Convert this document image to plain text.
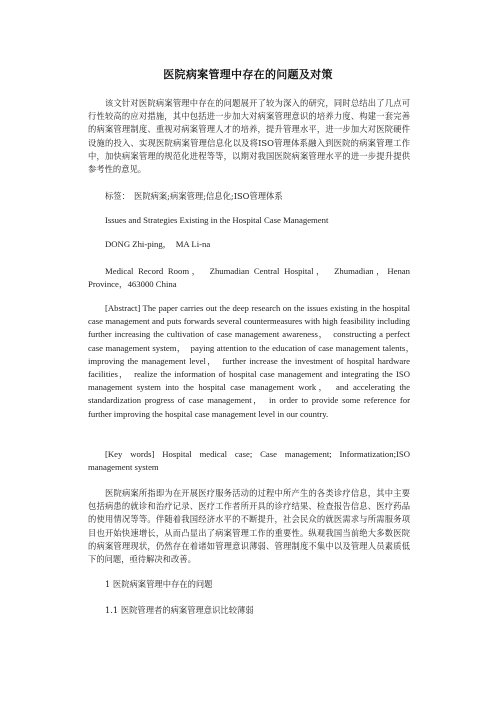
医院病案管理中存在的问题及对策

该文针对医院病案管理中存在的问题展开了较为深入的研究，同时总结出了几点可行性较高的应对措施，其中包括进一步加大对病案管理意识的培养力度、构建一套完善的病案管理制度、重视对病案管理人才的培养，提升管理水平，进一步加大对医院硬件设施的投入、实现医院病案管理信息化以及将ISO管理体系融入到医院的病案管理工作中，加快病案管理的规范化进程等等，以期对我国医院病案管理水平的进一步提升提供参考性的意见。

标签：　医院病案;病案管理;信息化;ISO管理体系

Issues and Strategies Existing in the Hospital Case Management

DONG Zhi-ping，　MA Li-na

Medical Record Room，　Zhumadian Central Hospital，　Zhumadian，Henan Province，463000 China

[Abstract] The paper carries out the deep research on the issues existing in the hospital case management and puts forwards several countermeasures with high feasibility including further increasing the cultivation of case management awareness，　constructing a perfect case management system，　paying attention to the education of case management talents，　improving the management level，　further increase the investment of hospital hardware facilities，　realize the information of hospital case management and integrating the ISO management system into the hospital case management work，　and accelerating the standardization progress of case management，　in order to provide some reference for further improving the hospital case management level in our country.

[Key words] Hospital medical case; Case management; Informatization;ISO management system

医院病案所指即为在开展医疗服务活动的过程中所产生的各类诊疗信息，其中主要包括病患的就诊和治疗记录、医疗工作者所开具的诊疗结果、检查报告信息、医疗药品的使用情况等等。伴随着我国经济水平的不断提升，社会民众的就医需求与所需服务项目也开始快速增长，从而凸显出了病案管理工作的重要性。纵观我国当前绝大多数医院的病案管理现状，仍然存在着诸如管理意识薄弱、管理制度不集中以及管理人员素质低下的问题，亟待解决和改善。

1 医院病案管理中存在的问题

1.1 医院管理者的病案管理意识比较薄弱
